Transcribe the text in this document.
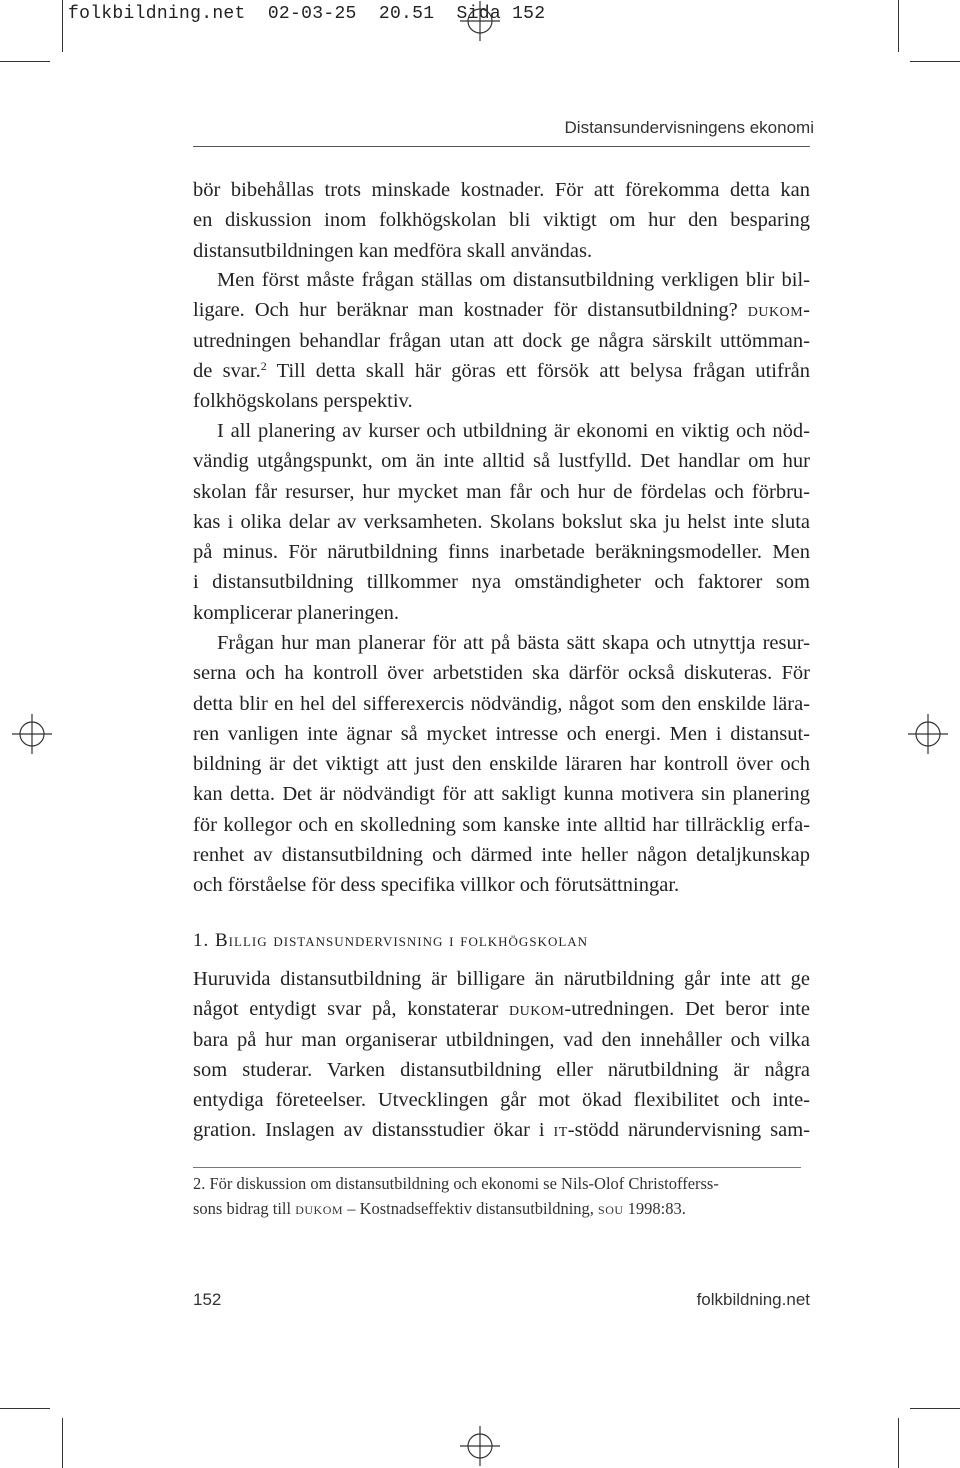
folkbildning.net  02-03-25  20.51  Sida 152
Distansundervisningens ekonomi
bör bibehållas trots minskade kostnader. För att förekomma detta kan
en diskussion inom folkhögskolan bli viktigt om hur den besparing
distansutbildningen kan medföra skall användas.
Men först måste frågan ställas om distansutbildning verkligen blir bil-
ligare. Och hur beräknar man kostnader för distansutbildning? dukom-
utredningen behandlar frågan utan att dock ge några särskilt uttömman-
de svar.$^2$ Till detta skall här göras ett försök att belysa frågan utifrån
folkhögskolans perspektiv.
I all planering av kurser och utbildning är ekonomi en viktig och nöd-
vändig utgångspunkt, om än inte alltid så lustfylld. Det handlar om hur
skolan får resurser, hur mycket man får och hur de fördelas och förbru-
kas i olika delar av verksamheten. Skolans bokslut ska ju helst inte sluta
på minus. För närutbildning finns inarbetade beräkningsmodeller. Men
i distansutbildning tillkommer nya omständigheter och faktorer som
komplicerar planeringen.
Frågan hur man planerar för att på bästa sätt skapa och utnyttja resur-
serna och ha kontroll över arbetstiden ska därför också diskuteras. För
detta blir en hel del sifferexercis nödvändig, något som den enskilde lära-
ren vanligen inte ägnar så mycket intresse och energi. Men i distansut-
bildning är det viktigt att just den enskilde läraren har kontroll över och
kan detta. Det är nödvändigt för att sakligt kunna motivera sin planering
för kollegor och en skolledning som kanske inte alltid har tillräcklig erfa-
renhet av distansutbildning och därmed inte heller någon detaljkunskap
och förståelse för dess specifika villkor och förutsättningar.
1. Billig distansundervisning i folkhögskolan
Huruvida distansutbildning är billigare än närutbildning går inte att ge
något entydigt svar på, konstaterar dukom-utredningen. Det beror inte
bara på hur man organiserar utbildningen, vad den innehåller och vilka
som studerar. Varken distansutbildning eller närutbildning är några
entydiga företeelser. Utvecklingen går mot ökad flexibilitet och inte-
gration. Inslagen av distansstudier ökar i it-stödd närundervisning sam-
2. För diskussion om distansutbildning och ekonomi se Nils-Olof Christofferss-
sons bidrag till dukom – Kostnadseffektiv distansutbildning, sou 1998:83.
152	folkbildning.net
